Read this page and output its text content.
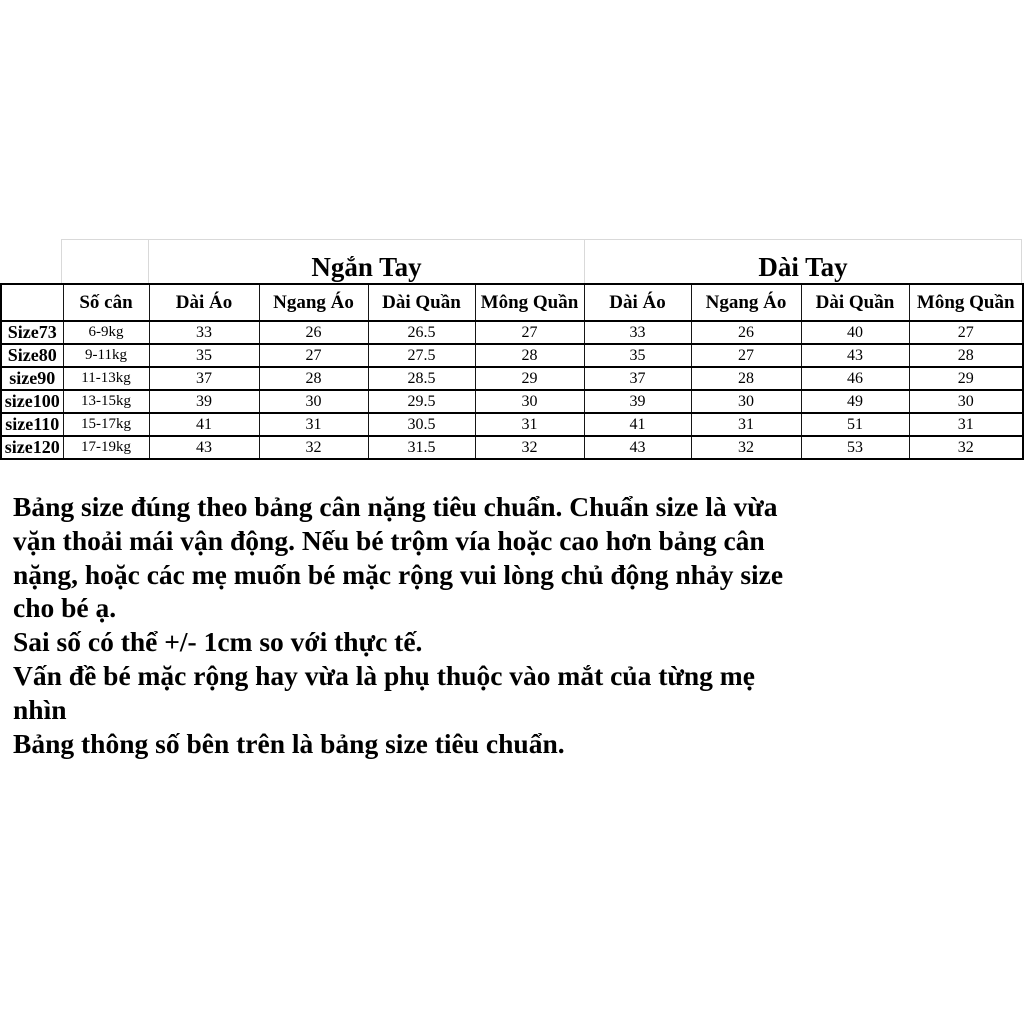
Ngắn Tay	Dài Tay
	Số cân	Dài Áo	Ngang Áo	Dài Quần	Mông Quần	Dài Áo	Ngang Áo	Dài Quần	Mông Quần
Size73	6-9kg	33	26	26.5	27	33	26	40	27
Size80	9-11kg	35	27	27.5	28	35	27	43	28
size90	11-13kg	37	28	28.5	29	37	28	46	29
size100	13-15kg	39	30	29.5	30	39	30	49	30
size110	15-17kg	41	31	30.5	31	41	31	51	31
size120	17-19kg	43	32	31.5	32	43	32	53	32
Bảng size đúng theo bảng cân nặng tiêu chuẩn. Chuẩn size là vừa
vặn thoải mái vận động. Nếu bé trộm vía hoặc cao hơn bảng cân
nặng, hoặc các mẹ muốn bé mặc rộng vui lòng chủ động nhảy size
cho bé ạ.
Sai số có thể +/- 1cm so với thực tế.
Vấn đề bé mặc rộng hay vừa là phụ thuộc vào mắt của từng mẹ
nhìn
Bảng thông số bên trên là bảng size tiêu chuẩn.
